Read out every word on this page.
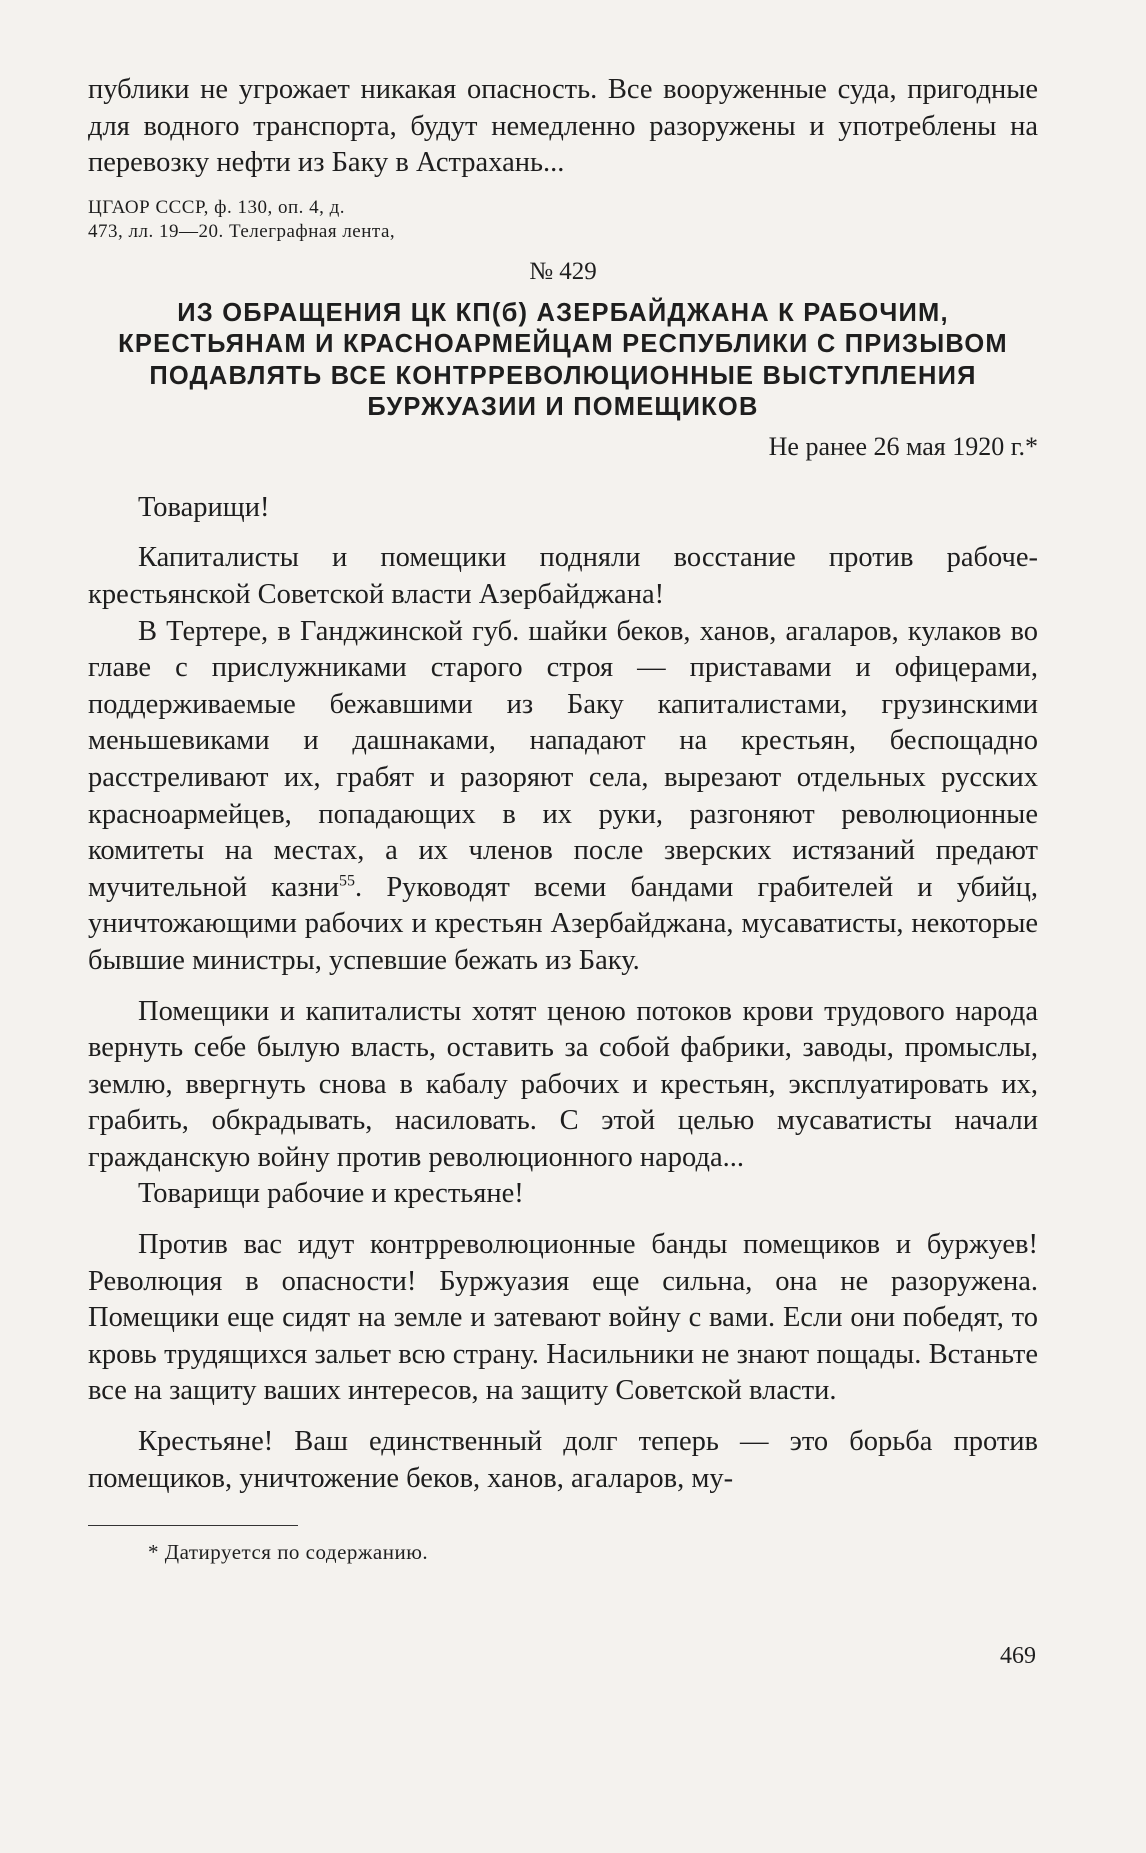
публики не угрожает никакая опасность. Все вооруженные суда, пригодные для водного транспорта, будут немедленно разоружены и употреблены на перевозку нефти из Баку в Астрахань...

ЦГАОР СССР, ф. 130, оп. 4, д.
473, лл. 19—20. Телеграфная лента,

№ 429

ИЗ ОБРАЩЕНИЯ ЦК КП(б) АЗЕРБАЙДЖАНА К РАБОЧИМ,
КРЕСТЬЯНАМ И КРАСНОАРМЕЙЦАМ РЕСПУБЛИКИ С ПРИЗЫВОМ
ПОДАВЛЯТЬ ВСЕ КОНТРРЕВОЛЮЦИОННЫЕ ВЫСТУПЛЕНИЯ
БУРЖУАЗИИ И ПОМЕЩИКОВ

Не ранее 26 мая 1920 г.*

Товарищи!

Капиталисты и помещики подняли восстание против рабоче-крестьянской Советской власти Азербайджана!

В Тертере, в Ганджинской губ. шайки беков, ханов, агаларов, кулаков во главе с прислужниками старого строя — приставами и офицерами, поддерживаемые бежавшими из Баку капиталистами, грузинскими меньшевиками и дашнаками, нападают на крестьян, беспощадно расстреливают их, грабят и разоряют села, вырезают отдельных русских красноармейцев, попадающих в их руки, разгоняют революционные комитеты на местах, а их членов после зверских истязаний предают мучительной казни$^{55}$. Руководят всеми бандами грабителей и убийц, уничтожающими рабочих и крестьян Азербайджана, мусаватисты, некоторые бывшие министры, успевшие бежать из Баку.

Помещики и капиталисты хотят ценою потоков крови трудового народа вернуть себе былую власть, оставить за собой фабрики, заводы, промыслы, землю, ввергнуть снова в кабалу рабочих и крестьян, эксплуатировать их, грабить, обкрадывать, насиловать. С этой целью мусаватисты начали гражданскую войну против революционного народа...

Товарищи рабочие и крестьяне!

Против вас идут контрреволюционные банды помещиков и буржуев! Революция в опасности! Буржуазия еще сильна, она не разоружена. Помещики еще сидят на земле и затевают войну с вами. Если они победят, то кровь трудящихся зальет всю страну. Насильники не знают пощады. Встаньте все на защиту ваших интересов, на защиту Советской власти.

Крестьяне! Ваш единственный долг теперь — это борьба против помещиков, уничтожение беков, ханов, агаларов, му-

* Датируется по содержанию.

469
